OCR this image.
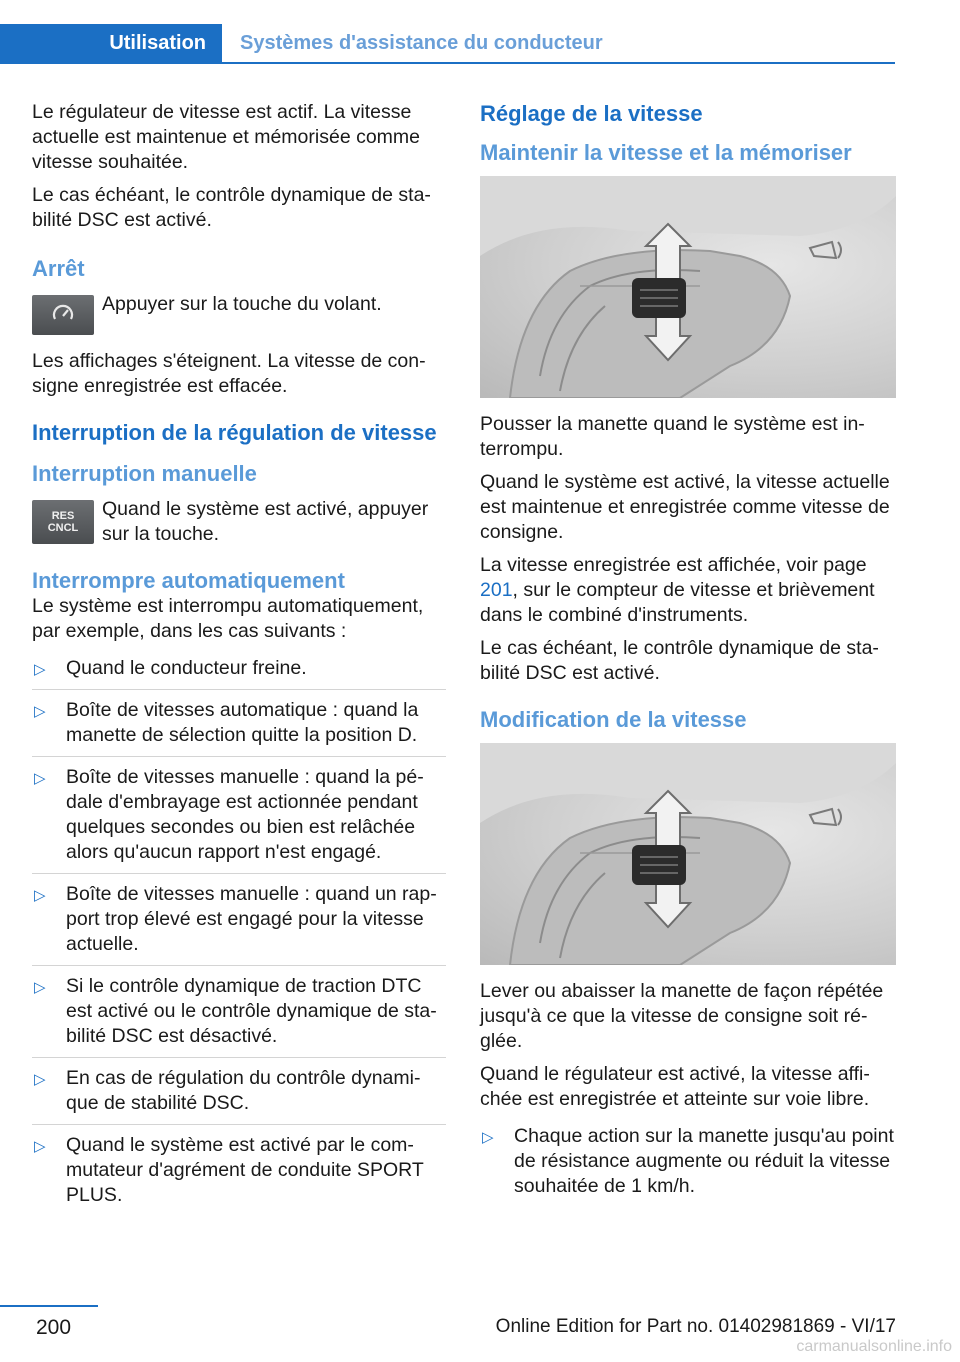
Utilisation Systèmes d'assistance du conducteur

Le régulateur de vitesse est actif. La vitesse actuelle est maintenue et mémorisée comme vitesse souhaitée.

Le cas échéant, le contrôle dynamique de stabilité DSC est activé.

Arrêt

Appuyer sur la touche du volant.

Les affichages s'éteignent. La vitesse de consigne enregistrée est effacée.

Interruption de la régulation de vitesse
Interruption manuelle
RES CNCL

Quand le système est activé, appuyer sur la touche.

Interrompre automatiquement

Le système est interrompu automatiquement, par exemple, dans les cas suivants :

▷ Quand le conducteur freine.
▷ Boîte de vitesses automatique : quand la manette de sélection quitte la position D.
▷ Boîte de vitesses manuelle : quand la pédale d'embrayage est actionnée pendant quelques secondes ou bien est relâchée alors qu'aucun rapport n'est engagé.
▷ Boîte de vitesses manuelle : quand un rapport trop élevé est engagé pour la vitesse actuelle.
▷ Si le contrôle dynamique de traction DTC est activé ou le contrôle dynamique de stabilité DSC est désactivé.
▷ En cas de régulation du contrôle dynamique de stabilité DSC.
▷ Quand le système est activé par le commutateur d'agrément de conduite SPORT PLUS.
Réglage de la vitesse
Maintenir la vitesse et la mémoriser

Pousser la manette quand le système est interrompu.

Quand le système est activé, la vitesse actuelle est maintenue et enregistrée comme vitesse de consigne.

La vitesse enregistrée est affichée, voir page 201, sur le compteur de vitesse et brièvement dans le combiné d'instruments.

Le cas échéant, le contrôle dynamique de stabilité DSC est activé.

Modification de la vitesse

Lever ou abaisser la manette de façon répétée jusqu'à ce que la vitesse de consigne soit réglée.

Quand le régulateur est activé, la vitesse affichée est enregistrée et atteinte sur voie libre.

▷ Chaque action sur la manette jusqu'au point de résistance augmente ou réduit la vitesse souhaitée de 1 km/h.
200	Online Edition for Part no. 01402981869 - VI/17
carmanualsonline.info
